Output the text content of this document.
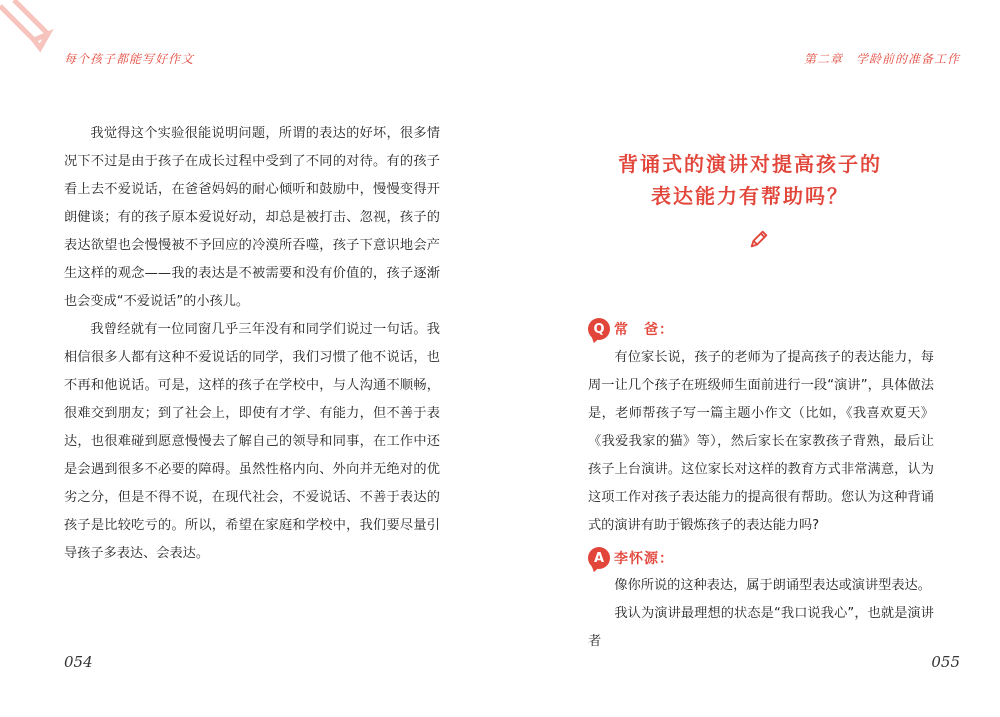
每个孩子都能写好作文

我觉得这个实验很能说明问题，所谓的表达的好坏，很多情况下不过是由于孩子在成长过程中受到了不同的对待。有的孩子看上去不爱说话，在爸爸妈妈的耐心倾听和鼓励中，慢慢变得开朗健谈；有的孩子原本爱说好动，却总是被打击、忽视，孩子的表达欲望也会慢慢被不予回应的冷漠所吞噬，孩子下意识地会产生这样的观念——我的表达是不被需要和没有价值的，孩子逐渐也会变成“不爱说话”的小孩儿。

我曾经就有一位同窗几乎三年没有和同学们说过一句话。我相信很多人都有这种不爱说话的同学，我们习惯了他不说话，也不再和他说话。可是，这样的孩子在学校中，与人沟通不顺畅，很难交到朋友；到了社会上，即使有才学、有能力，但不善于表达，也很难碰到愿意慢慢去了解自己的领导和同事，在工作中还是会遇到很多不必要的障碍。虽然性格内向、外向并无绝对的优劣之分，但是不得不说，在现代社会，不爱说话、不善于表达的孩子是比较吃亏的。所以，希望在家庭和学校中，我们要尽量引导孩子多表达、会表达。

054
第二章　学龄前的准备工作
背诵式的演讲对提高孩子的
表达能力有帮助吗？
Q 常　爸：

有位家长说，孩子的老师为了提高孩子的表达能力，每周一让几个孩子在班级师生面前进行一段“演讲”，具体做法是，老师帮孩子写一篇主题小作文（比如，《我喜欢夏天》《我爱我家的猫》等），然后家长在家教孩子背熟，最后让孩子上台演讲。这位家长对这样的教育方式非常满意，认为这项工作对孩子表达能力的提高很有帮助。您认为这种背诵式的演讲有助于锻炼孩子的表达能力吗?

A 李怀源：

像你所说的这种表达，属于朗诵型表达或演讲型表达。

我认为演讲最理想的状态是“我口说我心”，也就是演讲者

055
